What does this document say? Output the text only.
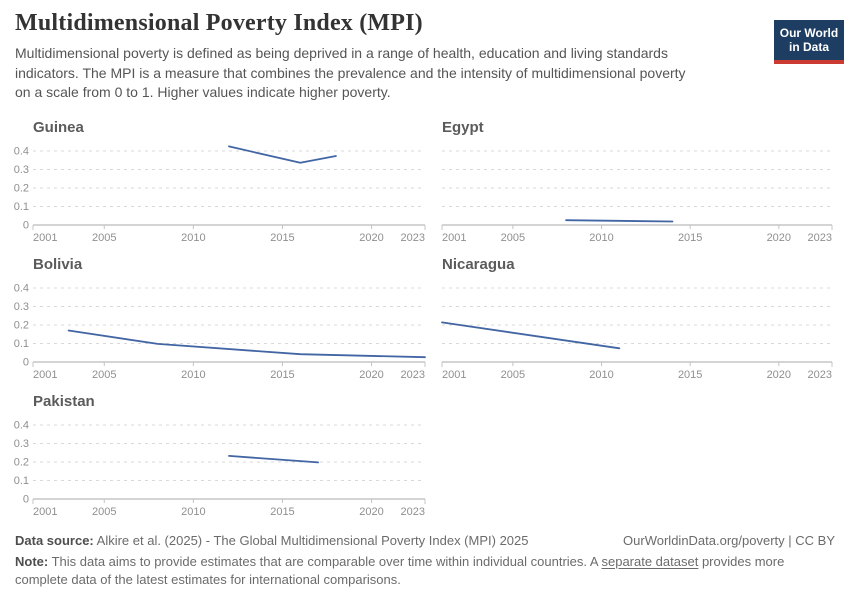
Multidimensional Poverty Index (MPI)	Our World
in Data

Multidimensional poverty is defined as being deprived in a range of health, education and living standards
indicators. The MPI is a measure that combines the prevalence and the intensity of multidimensional poverty
on a scale from 0 to 1. Higher values indicate higher poverty.

Guinea
0
0.1
0.2
0.3
0.4
2001	2005	2010	2015	2020 2023
Egypt
2001	2005	2010	2015	2020 2023
Bolivia
0
0.1
0.2
0.3
0.4
2001	2005	2010	2015	2020 2023
Nicaragua
2001	2005	2010	2015	2020 2023
Pakistan
0
0.1
0.2
0.3
0.4
2001	2005	2010	2015	2020 2023
Data source: Alkire et al. (2025) - The Global Multidimensional Poverty Index (MPI) 2025	OurWorldinData.org/poverty | CC BY

Note: This data aims to provide estimates that are comparable over time within individual countries. A separate dataset provides more complete data of the latest estimates for international comparisons.
